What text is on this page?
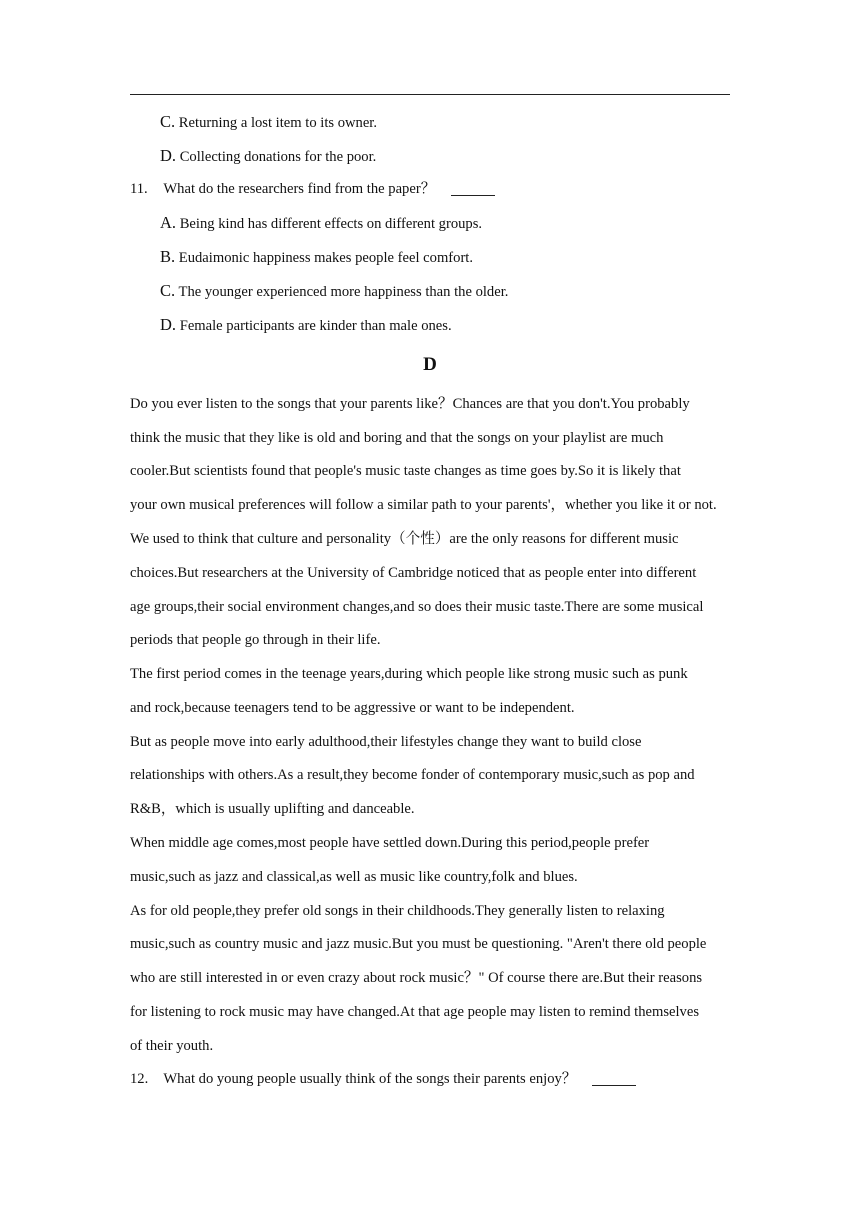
C. Returning a lost item to its owner.
D. Collecting donations for the poor.
11. What do the researchers find from the paper？
A. Being kind has different effects on different groups.
B. Eudaimonic happiness makes people feel comfort.
C. The younger experienced more happiness than the older.
D. Female participants are kinder than male ones.
D
Do you ever listen to the songs that your parents like？Chances are that you don't.You probably
think the music that they like is old and boring and that the songs on your playlist are much
cooler.But scientists found that people's music taste changes as time goes by.So it is likely that
your own musical preferences will follow a similar path to your parents'，whether you like it or not.
We used to think that culture and personality（个性）are the only reasons for different music
choices.But researchers at the University of Cambridge noticed that as people enter into different
age groups,their social environment changes,and so does their music taste.There are some musical
periods that people go through in their life.
The first period comes in the teenage years,during which people like strong music such as punk
and rock,because teenagers tend to be aggressive or want to be independent.
But as people move into early adulthood,their lifestyles change they want to build close
relationships with others.As a result,they become fonder of contemporary music,such as pop and
R&B，which is usually uplifting and danceable.
When middle age comes,most people have settled down.During this period,people prefer
music,such as jazz and classical,as well as music like country,folk and blues.
As for old people,they prefer old songs in their childhoods.They generally listen to relaxing
music,such as country music and jazz music.But you must be questioning. "Aren't there old people
who are still interested in or even crazy about rock music？" Of course there are.But their reasons
for listening to rock music may have changed.At that age people may listen to remind themselves
of their youth.
12. What do young people usually think of the songs their parents enjoy？
